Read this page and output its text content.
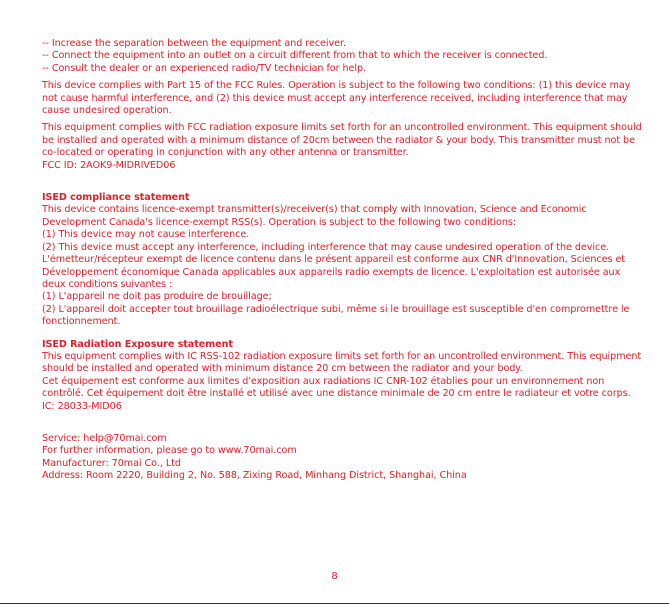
-- Increase the separation between the equipment and receiver.

-- Connect the equipment into an outlet on a circuit different from that to which the receiver is connected.

-- Consult the dealer or an experienced radio/TV technician for help.

This device complies with Part 15 of the FCC Rules. Operation is subject to the following two conditions: (1) this device may not cause harmful interference, and (2) this device must accept any interference received, including interference that may cause undesired operation.

This equipment complies with FCC radiation exposure limits set forth for an uncontrolled environment. This equipment should be installed and operated with a minimum distance of 20cm between the radiator & your body. This transmitter must not be co-located or operating in conjunction with any other antenna or transmitter.

FCC ID: 2AOK9-MIDRIVED06

ISED compliance statement

This device contains licence-exempt transmitter(s)/receiver(s) that comply with Innovation, Science and Economic Development Canada's licence-exempt RSS(s). Operation is subject to the following two conditions:

(1) This device may not cause interference.

(2) This device must accept any interference, including interference that may cause undesired operation of the device.

L'émetteur/récepteur exempt de licence contenu dans le présent appareil est conforme aux CNR d'Innovation, Sciences et Développement économique Canada applicables aux appareils radio exempts de licence. L'exploitation est autorisée aux deux conditions suivantes :

(1) L'appareil ne doit pas produire de brouillage;

(2) L'appareil doit accepter tout brouillage radioélectrique subi, même si le brouillage est susceptible d'en compromettre le fonctionnement.

ISED Radiation Exposure statement

This equipment complies with IC RSS-102 radiation exposure limits set forth for an uncontrolled environment. This equipment should be installed and operated with minimum distance 20 cm between the radiator and your body.

Cet équipement est conforme aux limites d'exposition aux radiations IC CNR-102 établies pour un environnement non contrôlé. Cet équipement doit être installé et utilisé avec une distance minimale de 20 cm entre le radiateur et votre corps.

IC: 28033-MID06

Service: help@70mai.com

For further information, please go to www.70mai.com

Manufacturer: 70mai Co., Ltd

Address: Room 2220, Building 2, No. 588, Zixing Road, Minhang District, Shanghai, China

8
